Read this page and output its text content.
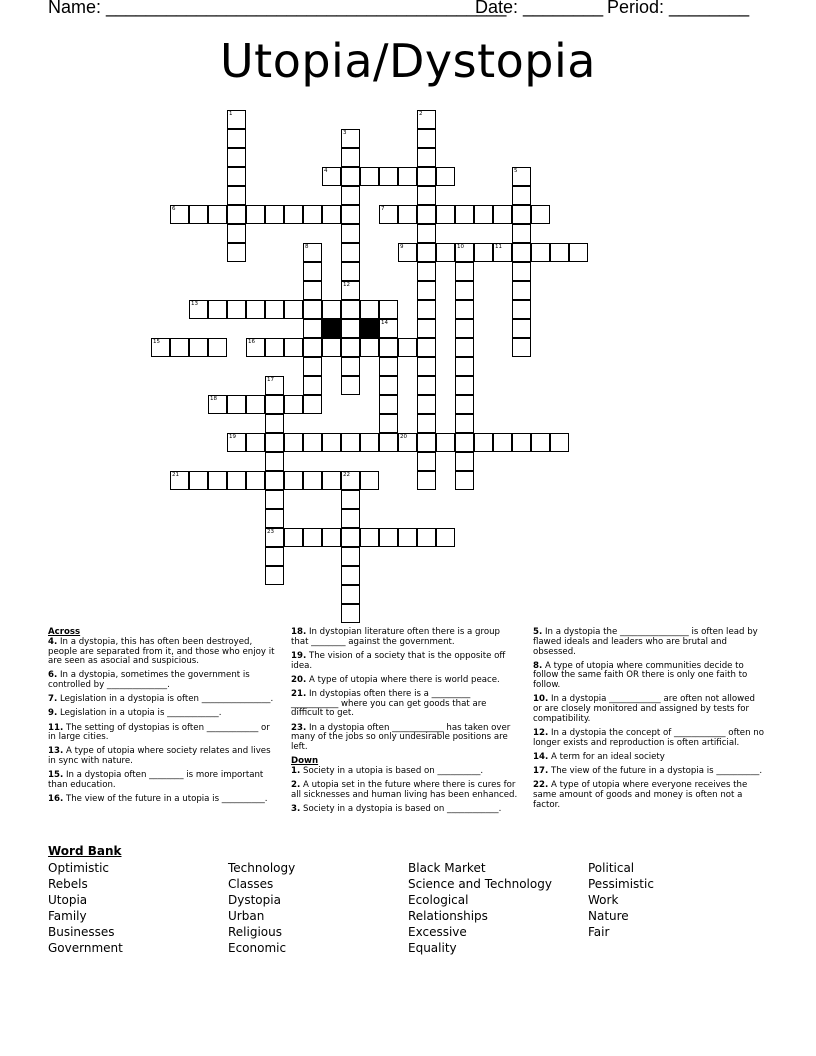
Name: ________________________________________
Date: ________ Period: ________
Utopia/Dystopia
1	2
3
4	5
6	7
8	9	10	11
12
13
14
15	16
17
23
18
19	20
21	22
Across
4. In a dystopia, this has often been destroyed, people are separated from it, and those who enjoy it are seen as asocial and suspicious.
6. In a dystopia, sometimes the government is controlled by ______________.
7. Legislation in a dystopia is often ________________.
9. Legislation in a utopia is ____________.
11. The setting of dystopias is often ____________ or in large cities.
13. A type of utopia where society relates and lives in sync with nature.
15. In a dystopia often ________ is more important than education.
16. The view of the future in a utopia is __________.
18. In dystopian literature often there is a group that ________ against the government.
19. The vision of a society that is the opposite off idea.
20. A type of utopia where there is world peace.
21. In dystopias often there is a _________ ___________ where you can get goods that are difficult to get.
23. In a dystopia often ____________ has taken over many of the jobs so only undesirable positions are left.
Down
1. Society in a utopia is based on __________.
2. A utopia set in the future where there is cures for all sicknesses and human living has been enhanced.
3. Society in a dystopia is based on ____________.
5. In a dystopia the ________________ is often lead by flawed ideals and leaders who are brutal and obsessed.
8. A type of utopia where communities decide to follow the same faith OR there is only one faith to follow.
10. In a dystopia ____________ are often not allowed or are closely monitored and assigned by tests for compatibility.
12. In a dystopia the concept of ____________ often no longer exists and reproduction is often artificial.
14. A term for an ideal society
17. The view of the future in a dystopia is __________.
22. A type of utopia where everyone receives the same amount of goods and money is often not a factor.
Word Bank
Optimistic
Rebels
Utopia
Family
Businesses
Government
Technology
Classes
Dystopia
Urban
Religious
Economic
Black Market
Science and Technology
Ecological
Relationships
Excessive
Equality
Political
Pessimistic
Work
Nature
Fair
